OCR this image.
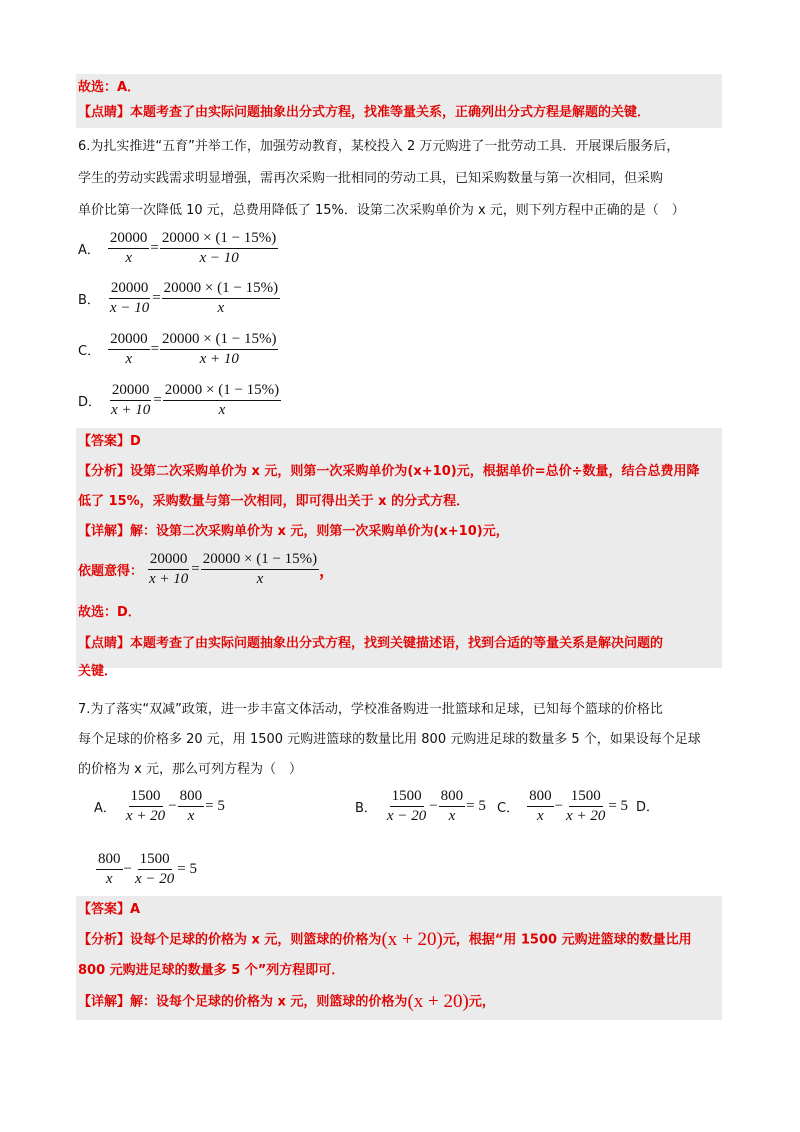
故选：A．
【点睛】本题考查了由实际问题抽象出分式方程，找准等量关系，正确列出分式方程是解题的关键．
6.为扎实推进“五育”并举工作，加强劳动教育，某校投入 2 万元购进了一批劳动工具．开展课后服务后，
学生的劳动实践需求明显增强，需再次采购一批相同的劳动工具，已知采购数量与第一次相同，但采购
单价比第一次降低 10 元，总费用降低了 15%．设第二次采购单价为 x 元，则下列方程中正确的是（　）
A． $\frac{20000}{x} = \frac{20000 \times (1 - 15\%)}{x - 10}$
B． $\frac{20000}{x - 10} = \frac{20000 \times (1 - 15\%)}{x}$
C． $\frac{20000}{x} = \frac{20000 \times (1 - 15\%)}{x + 10}$
D． $\frac{20000}{x + 10} = \frac{20000 \times (1 - 15\%)}{x}$
【答案】D
【分析】设第二次采购单价为 x 元，则第一次采购单价为(x+10)元，根据单价=总价÷数量，结合总费用降
低了 15%，采购数量与第一次相同，即可得出关于 x 的分式方程．
【详解】解：设第二次采购单价为 x 元，则第一次采购单价为(x+10)元，
依题意得： $\frac{20000}{x + 10} = \frac{20000 \times (1 - 15\%)}{x}$ ，
故选：D．
【点睛】本题考查了由实际问题抽象出分式方程，找到关键描述语，找到合适的等量关系是解决问题的
关键．
7.为了落实“双减”政策，进一步丰富文体活动，学校准备购进一批篮球和足球，已知每个篮球的价格比
每个足球的价格多 20 元，用 1500 元购进篮球的数量比用 800 元购进足球的数量多 5 个，如果设每个足球
的价格为 x 元，那么可列方程为（　）
A． $\frac{1500}{x + 20} - \frac{800}{x} = 5$	B． $\frac{1500}{x - 20} - \frac{800}{x} = 5$ C． $\frac{800}{x} - \frac{1500}{x + 20} = 5$ D．
$\frac{800}{x} - \frac{1500}{x - 20} = 5$
【答案】A
【分析】设每个足球的价格为 x 元，则篮球的价格为(x + 20)元，根据“用 1500 元购进篮球的数量比用
800 元购进足球的数量多 5 个”列方程即可．
【详解】解：设每个足球的价格为 x 元，则篮球的价格为(x + 20)元，
